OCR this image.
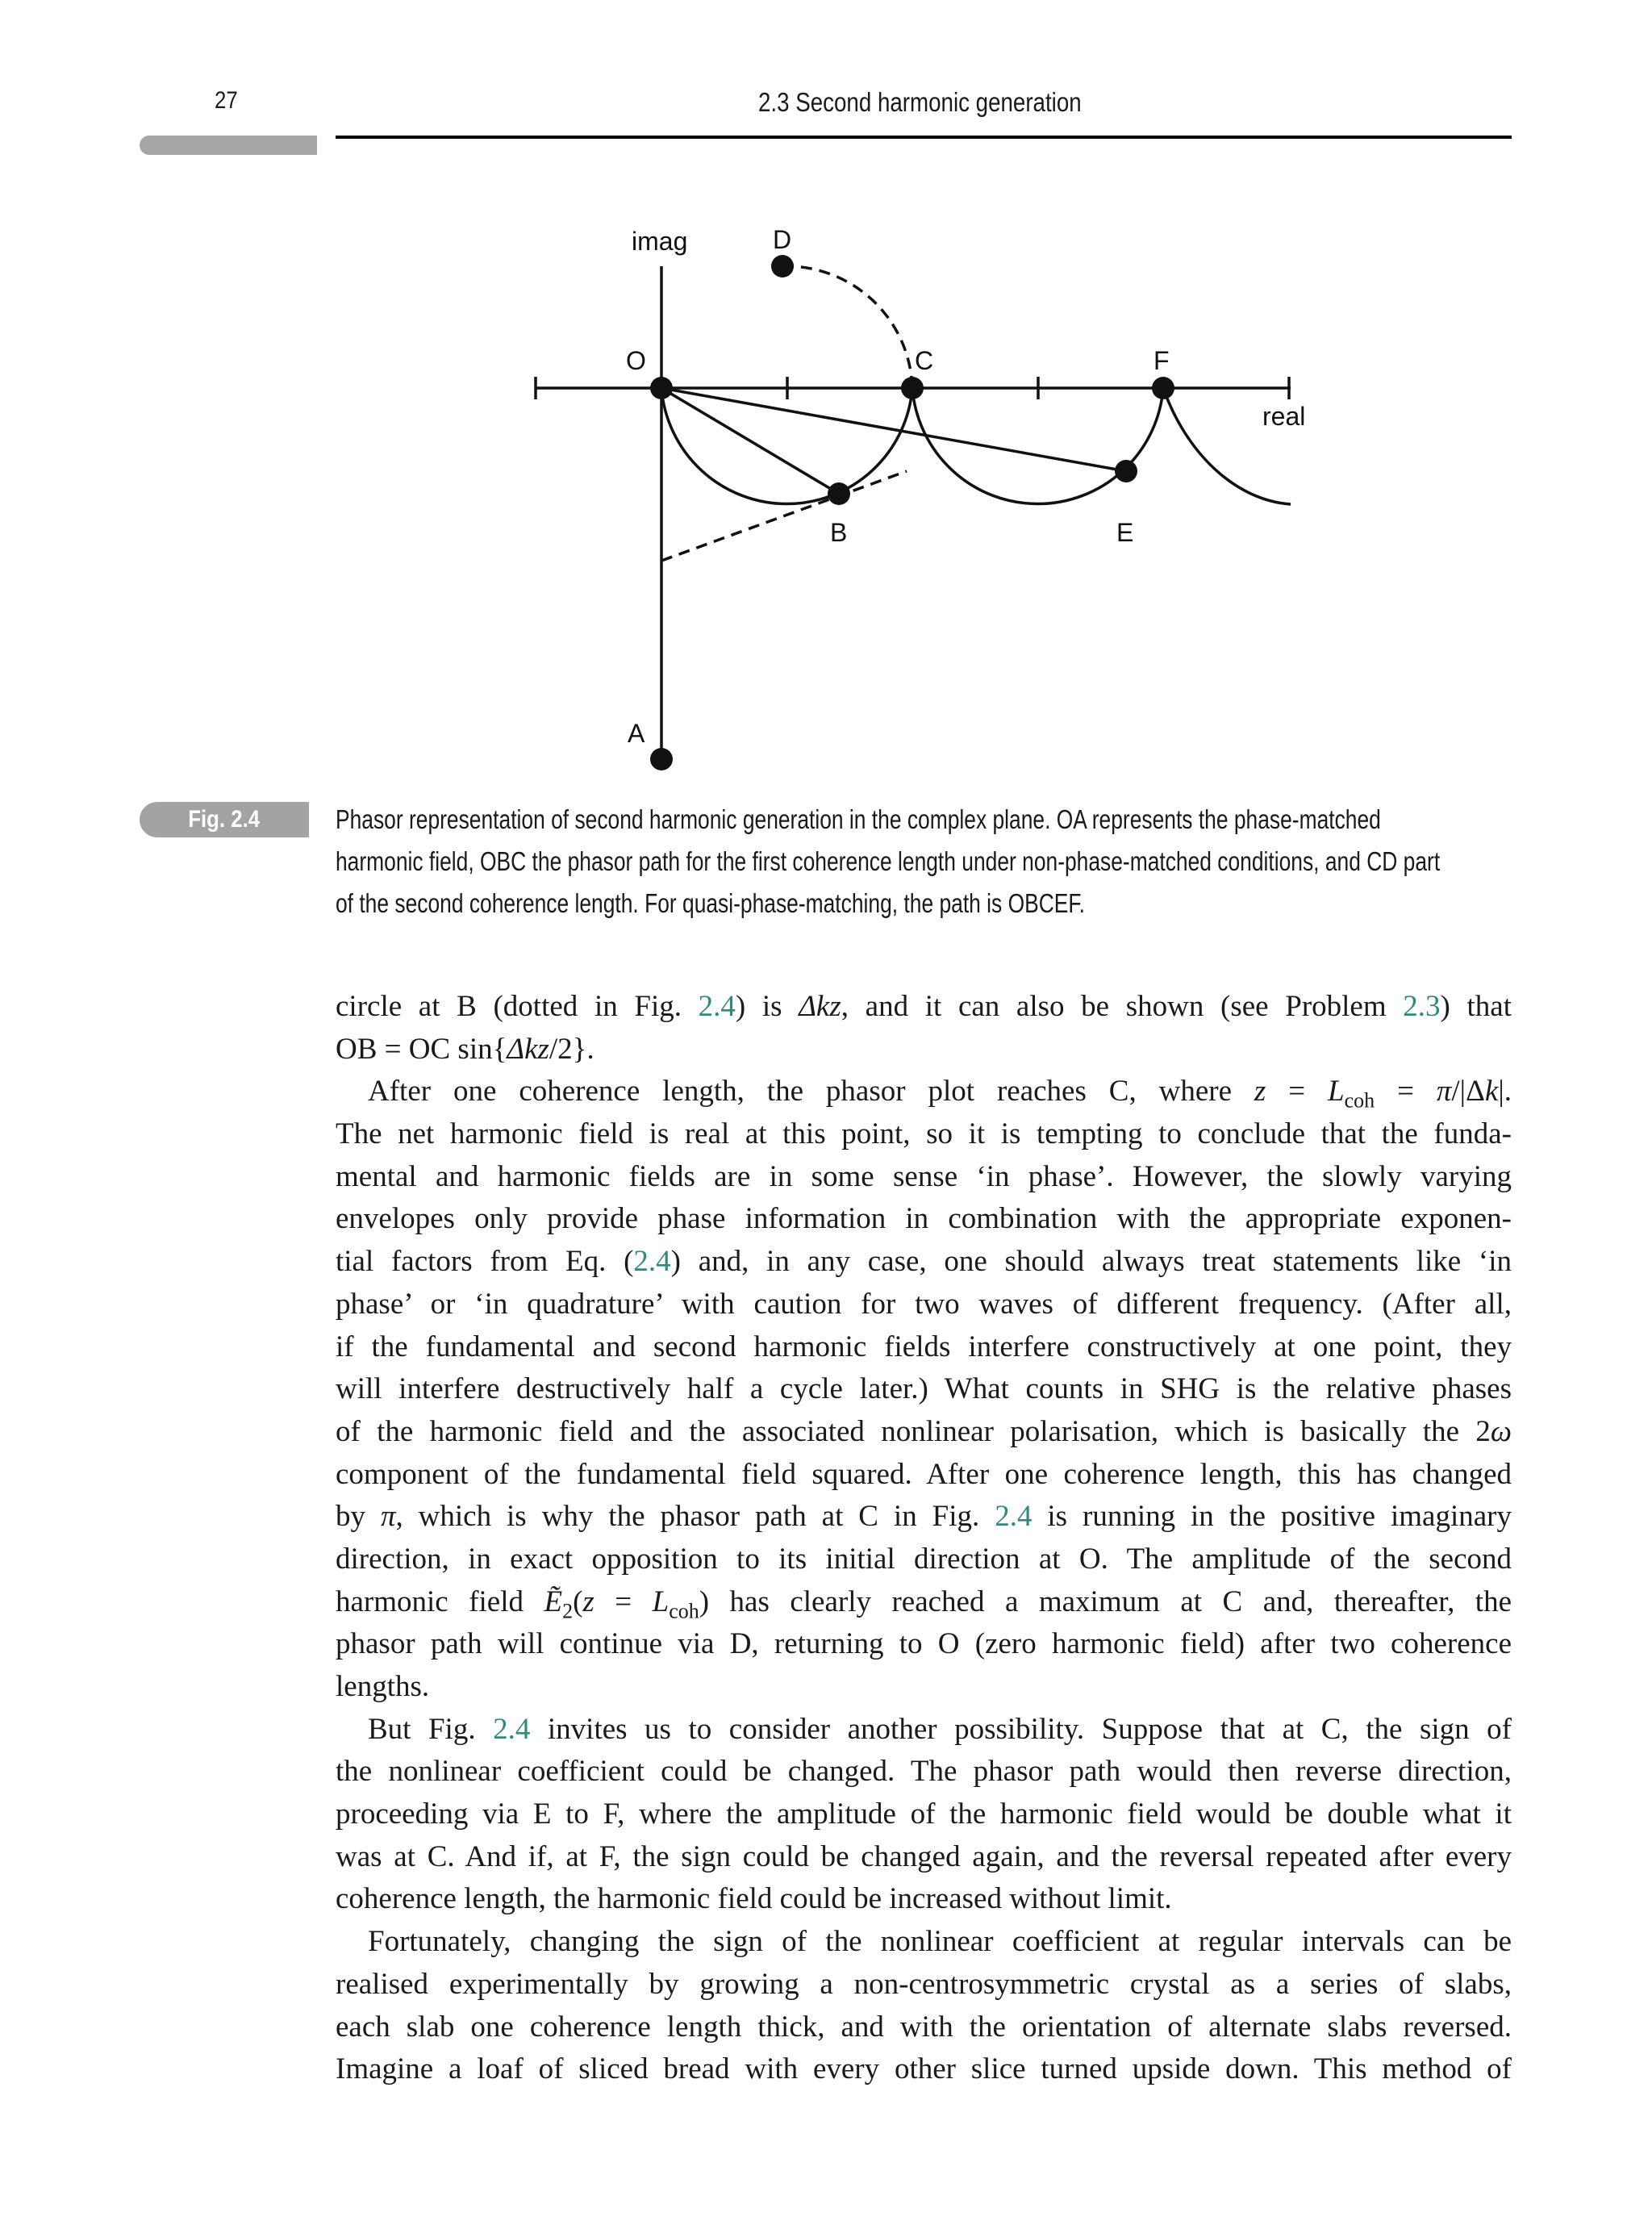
27	2.3 Second harmonic generation
imag
real
O
A
B
C
D
E
F
Fig. 2.4	Phasor representation of second harmonic generation in the complex plane. OA represents the phase-matched
harmonic field, OBC the phasor path for the first coherence length under non-phase-matched conditions, and CD part
of the second coherence length. For quasi-phase-matching, the path is OBCEF.
circle at B (dotted in Fig. 2.4) is Δkz, and it can also be shown (see Problem 2.3) that
OB = OC sin{Δkz/2}.
After one coherence length, the phasor plot reaches C, where $z = L_{coh} = \pi/|\Delta k|$.
The net harmonic field is real at this point, so it is tempting to conclude that the funda-
mental and harmonic fields are in some sense ‘in phase’. However, the slowly varying
envelopes only provide phase information in combination with the appropriate exponen-
tial factors from Eq. (2.4) and, in any case, one should always treat statements like ‘in
phase’ or ‘in quadrature’ with caution for two waves of different frequency. (After all,
if the fundamental and second harmonic fields interfere constructively at one point, they
will interfere destructively half a cycle later.) What counts in SHG is the relative phases
of the harmonic field and the associated nonlinear polarisation, which is basically the 2ω
component of the fundamental field squared. After one coherence length, this has changed
by π, which is why the phasor path at C in Fig. 2.4 is running in the positive imaginary
direction, in exact opposition to its initial direction at O. The amplitude of the second
harmonic field Ẽ$_2$(z = $L_{coh}$) has clearly reached a maximum at C and, thereafter, the
phasor path will continue via D, returning to O (zero harmonic field) after two coherence
lengths.
But Fig. 2.4 invites us to consider another possibility. Suppose that at C, the sign of
the nonlinear coefficient could be changed. The phasor path would then reverse direction,
proceeding via E to F, where the amplitude of the harmonic field would be double what it
was at C. And if, at F, the sign could be changed again, and the reversal repeated after every
coherence length, the harmonic field could be increased without limit.
Fortunately, changing the sign of the nonlinear coefficient at regular intervals can be
realised experimentally by growing a non-centrosymmetric crystal as a series of slabs,
each slab one coherence length thick, and with the orientation of alternate slabs reversed.
Imagine a loaf of sliced bread with every other slice turned upside down. This method of
